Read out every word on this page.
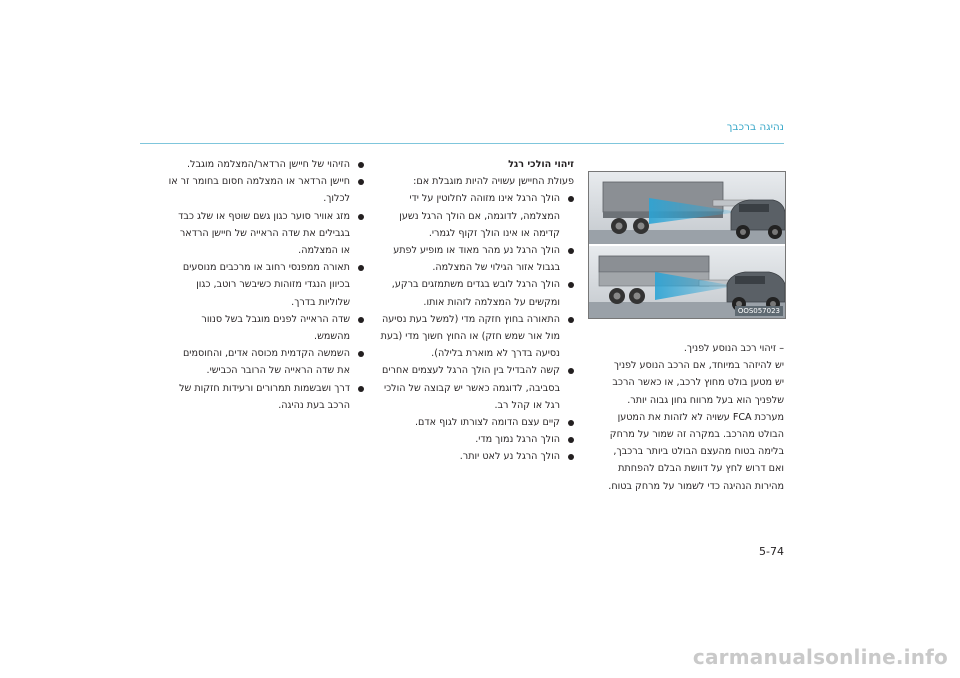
נהיגה ברכבך
OOS057023

– זיהוי רכב הנוסע לפניך.

יש להיזהר במיוחד, אם הרכב הנוסע לפניך

יש מטען בולט מחוץ לרכב, או כאשר הרכב

שלפניך הוא בעל מרווח גחון גבוה יותר.

מערכת FCA עשויה לא לזהות את המטען

הבולט מהרכב. במקרה זה שמור על מרחק

בלימה בטוח מהעצם הבולט ביותר ברכבך,

ואם דרוש לחץ על דוושת הבלם להפחתת

מהירות הנהיגה כדי לשמור על מרחק בטוח.

זיהוי הולכי רגל

פעולת החיישן עשויה להיות מוגבלת אם:

הולך הרגל אינו מזוהה לחלוטין על ידי המצלמה, לדוגמה, אם הולך הרגל נשען קדימה או אינו הולך זקוף לגמרי.
הולך הרגל נע מהר מאוד או מופיע לפתע בגבול אזור הגילוי של המצלמה.
הולך הרגל לובש בגדים משתמזגים ברקע, ומקשים על המצלמה לזהות אותו.
התאורה בחוץ חזקה מדי (למשל בעת נסיעה מול אור שמש חזק) או החוץ חשוך מדי (בעת נסיעה בדרך לא מוארת בלילה).
קשה להבדיל בין הולך הרגל לעצמים אחרים בסביבה, לדוגמה כאשר יש קבוצה של הולכי רגל או קהל רב.
קיים עצם הדומה לצורתו לגוף אדם.
הולך הרגל נמוך מדי.
הולך הרגל נע לאט יותר.
הזיהוי של חיישן הרדאר/המצלמה מוגבל.
חיישן הרדאר או המצלמה חסום בחומר זר או לכלוך.
מזג אוויר סוער כגון גשם שוטף או שלג כבד בגבילים את שדה הראייה של חיישן הרדאר או המצלמה.
תאורה ממפנסי רחוב או מרכבים מנוסעים בכיוון הנגדי מזוהות כשיבשר רוטב, כגון שלוליות בדרך.
שדה הראייה לפנים מוגבל בשל סנוור מהשמש.
השמשה הקדמית מכוסה אדים, והחוסמים את שדה הראייה של הרובר הכבישי.
דרך ושבשמות תמרורים ורעידות חזקות של הרכב בעת נהיגה.
5-74
carmanualsonline.info
